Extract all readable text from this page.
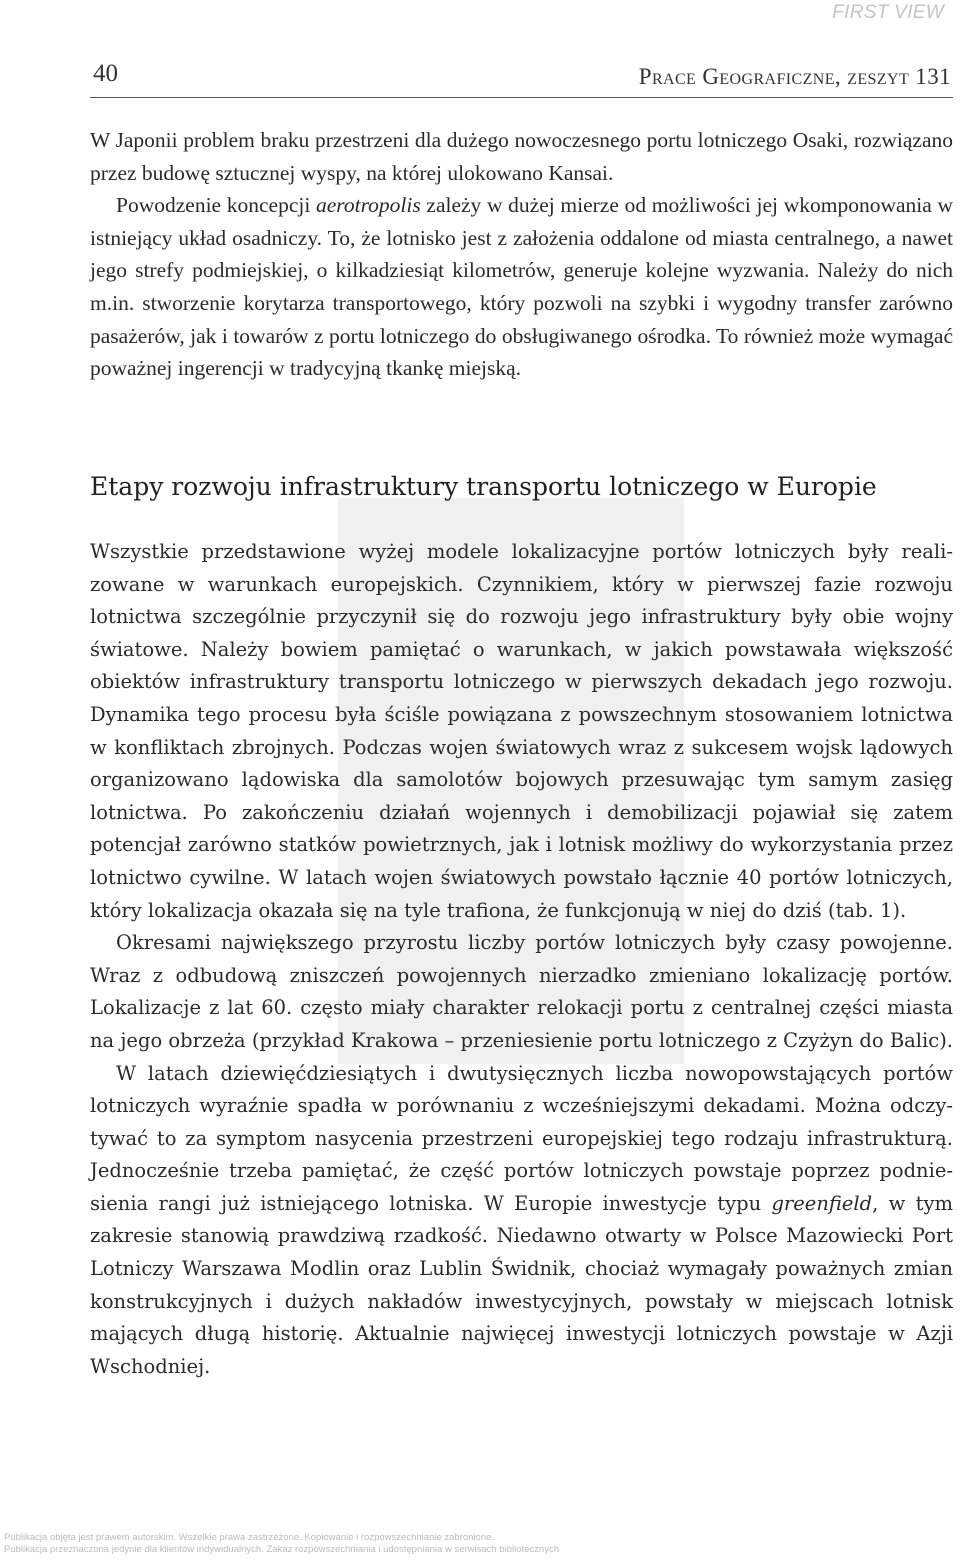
FIRST VIEW
40	Prace Geograficzne, zeszyt 131

W Japonii problem braku przestrzeni dla dużego nowoczesnego portu lotniczego Osaki, rozwiązano przez budowę sztucznej wyspy, na której ulokowano Kansai.

Powodzenie koncepcji aerotropolis zależy w dużej mierze od możliwości jej wkomponowania w istniejący układ osadniczy. To, że lotnisko jest z założenia oddalone od miasta centralnego, a nawet jego strefy podmiejskiej, o kilkadziesiąt kilometrów, generuje kolejne wyzwania. Należy do nich m.in. stworzenie korytarza transportowego, który pozwoli na szybki i wygodny transfer zarówno pasażerów, jak i towarów z portu lotniczego do obsługiwanego ośrodka. To również może wymagać poważnej ingerencji w tradycyjną tkankę miejską.

Etapy rozwoju infrastruktury transportu lotniczego w Europie

Wszystkie przedstawione wyżej modele lokalizacyjne portów lotniczych były realizowane w warunkach europejskich. Czynnikiem, który w pierwszej fazie rozwoju lotnictwa szczególnie przyczynił się do rozwoju jego infrastruktury były obie wojny światowe. Należy bowiem pamiętać o warunkach, w jakich powstawała większość obiektów infrastruktury transportu lotniczego w pierwszych dekadach jego rozwoju. Dynamika tego procesu była ściśle powiązana z powszechnym stosowaniem lotnictwa w konfliktach zbrojnych. Podczas wojen światowych wraz z sukcesem wojsk lądowych organizowano lądowiska dla samolotów bojowych przesuwając tym samym zasięg lotnictwa. Po zakończeniu działań wojennych i demobilizacji pojawiał się zatem potencjał zarówno statków powietrznych, jak i lotnisk możliwy do wykorzystania przez lotnictwo cywilne. W latach wojen światowych powstało łącznie 40 portów lotniczych, który lokalizacja okazała się na tyle trafiona, że funkcjonują w niej do dziś (tab. 1).

Okresami największego przyrostu liczby portów lotniczych były czasy powojenne. Wraz z odbudową zniszczeń powojennych nierzadko zmieniano lokalizację portów. Lokalizacje z lat 60. często miały charakter relokacji portu z centralnej części miasta na jego obrzeża (przykład Krakowa – przeniesienie portu lotniczego z Czyżyn do Balic).

W latach dziewięćdziesiątych i dwutysięcznych liczba nowopowstających portów lotniczych wyraźnie spadła w porównaniu z wcześniejszymi dekadami. Można odczytywać to za symptom nasycenia przestrzeni europejskiej tego rodzaju infrastrukturą. Jednocześnie trzeba pamiętać, że część portów lotniczych powstaje poprzez podniesienia rangi już istniejącego lotniska. W Europie inwestycje typu greenfield, w tym zakresie stanowią prawdziwą rzadkość. Niedawno otwarty w Polsce Mazowiecki Port Lotniczy Warszawa Modlin oraz Lublin Świdnik, chociaż wymagały poważnych zmian konstrukcyjnych i dużych nakładów inwestycyjnych, powstały w miejscach lotnisk mających długą historię. Aktualnie najwięcej inwestycji lotniczych powstaje w Azji Wschodniej.

Publikacja objęta jest prawem autorskim. Wszelkie prawa zastrzeżone. Kopiowanie i rozpowszechnianie zabronione.
Publikacja przeznaczona jedynie dla klientów indywidualnych. Zakaz rozpowszechniania i udostępniania w serwisach bibliotecznych
